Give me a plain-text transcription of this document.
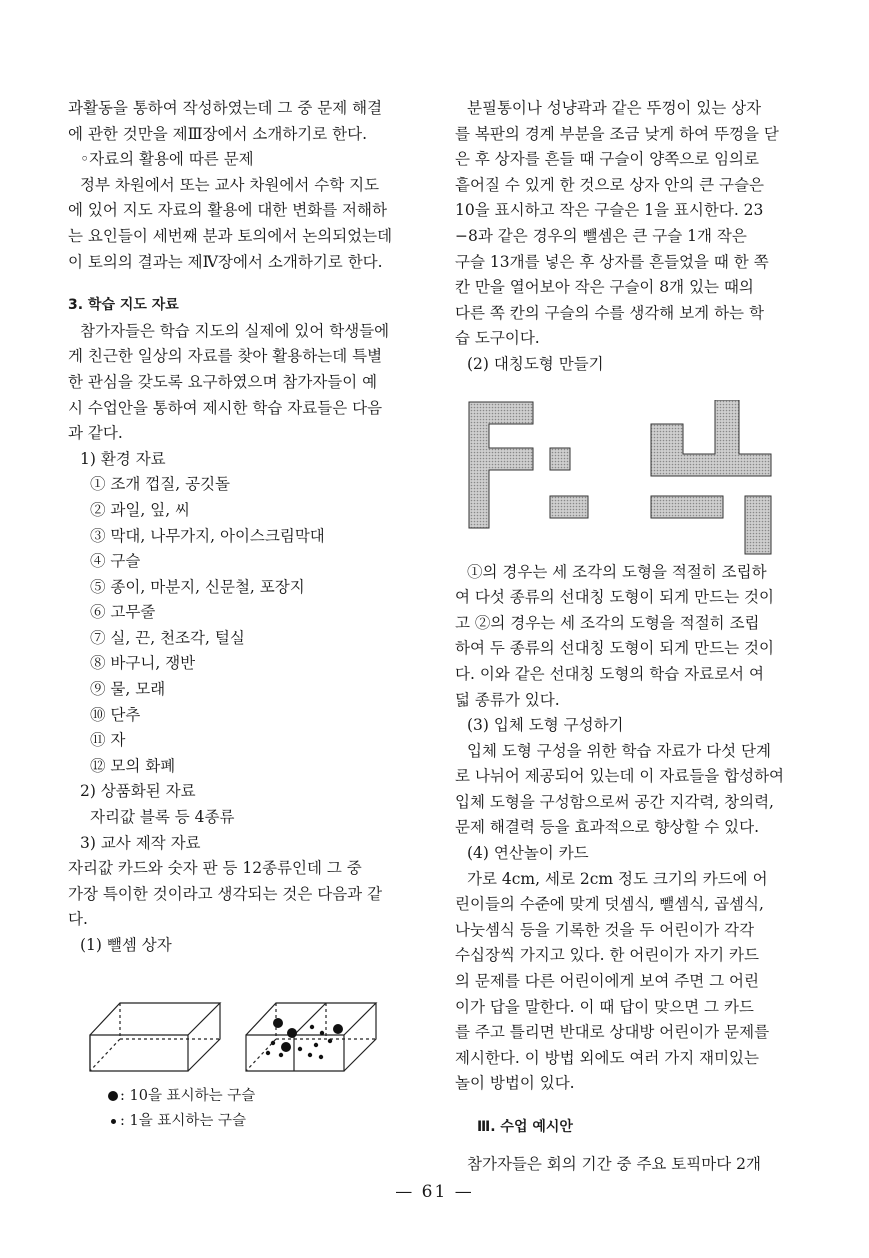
과활동을 통하여 작성하였는데 그 중 문제 해결
에 관한 것만을 제Ⅲ장에서 소개하기로 한다.
◦자료의 활용에 따른 문제
정부 차원에서 또는 교사 차원에서 수학 지도
에 있어 지도 자료의 활용에 대한 변화를 저해하
는 요인들이 세번째 분과 토의에서 논의되었는데
이 토의의 결과는 제Ⅳ장에서 소개하기로 한다.
3. 학습 지도 자료
참가자들은 학습 지도의 실제에 있어 학생들에
게 친근한 일상의 자료를 찾아 활용하는데 특별
한 관심을 갖도록 요구하였으며 참가자들이 예
시 수업안을 통하여 제시한 학습 자료들은 다음
과 같다.
1) 환경 자료
① 조개 껍질, 공깃돌
② 과일, 잎, 씨
③ 막대, 나무가지, 아이스크림막대
④ 구슬
⑤ 종이, 마분지, 신문철, 포장지
⑥ 고무줄
⑦ 실, 끈, 천조각, 털실
⑧ 바구니, 쟁반
⑨ 물, 모래
⑩ 단추
⑪ 자
⑫ 모의 화폐
2) 상품화된 자료
자리값 블록 등 4종류
3) 교사 제작 자료
자리값 카드와 숫자 판 등 12종류인데 그 중
가장 특이한 것이라고 생각되는 것은 다음과 같
다.
(1) 뺄셈 상자
: 10을 표시하는 구슬
: 1을 표시하는 구슬
분필통이나 성냥곽과 같은 뚜껑이 있는 상자
를 복판의 경계 부분을 조금 낮게 하여 뚜껑을 닫
은 후 상자를 흔들 때 구슬이 양쪽으로 임의로
흩어질 수 있게 한 것으로 상자 안의 큰 구슬은
10을 표시하고 작은 구슬은 1을 표시한다. 23
−8과 같은 경우의 뺄셈은 큰 구슬 1개 작은
구슬 13개를 넣은 후 상자를 흔들었을 때 한 쪽
칸 만을 열어보아 작은 구슬이 8개 있는 때의
다른 쪽 칸의 구슬의 수를 생각해 보게 하는 학
습 도구이다.
(2) 대칭도형 만들기
①의 경우는 세 조각의 도형을 적절히 조립하
여 다섯 종류의 선대칭 도형이 되게 만드는 것이
고 ②의 경우는 세 조각의 도형을 적절히 조립
하여 두 종류의 선대칭 도형이 되게 만드는 것이
다. 이와 같은 선대칭 도형의 학습 자료로서 여
덟 종류가 있다.
(3) 입체 도형 구성하기
입체 도형 구성을 위한 학습 자료가 다섯 단계
로 나뉘어 제공되어 있는데 이 자료들을 합성하여
입체 도형을 구성함으로써 공간 지각력, 창의력,
문제 해결력 등을 효과적으로 향상할 수 있다.
(4) 연산놀이 카드
가로 4cm, 세로 2cm 정도 크기의 카드에 어
린이들의 수준에 맞게 덧셈식, 뺄셈식, 곱셈식,
나눗셈식 등을 기록한 것을 두 어린이가 각각
수십장씩 가지고 있다. 한 어린이가 자기 카드
의 문제를 다른 어린이에게 보여 주면 그 어린
이가 답을 말한다. 이 때 답이 맞으면 그 카드
를 주고 틀리면 반대로 상대방 어린이가 문제를
제시한다. 이 방법 외에도 여러 가지 재미있는
놀이 방법이 있다.
Ⅲ. 수업 예시안
참가자들은 회의 기간 중 주요 토픽마다 2개
— 61 —
